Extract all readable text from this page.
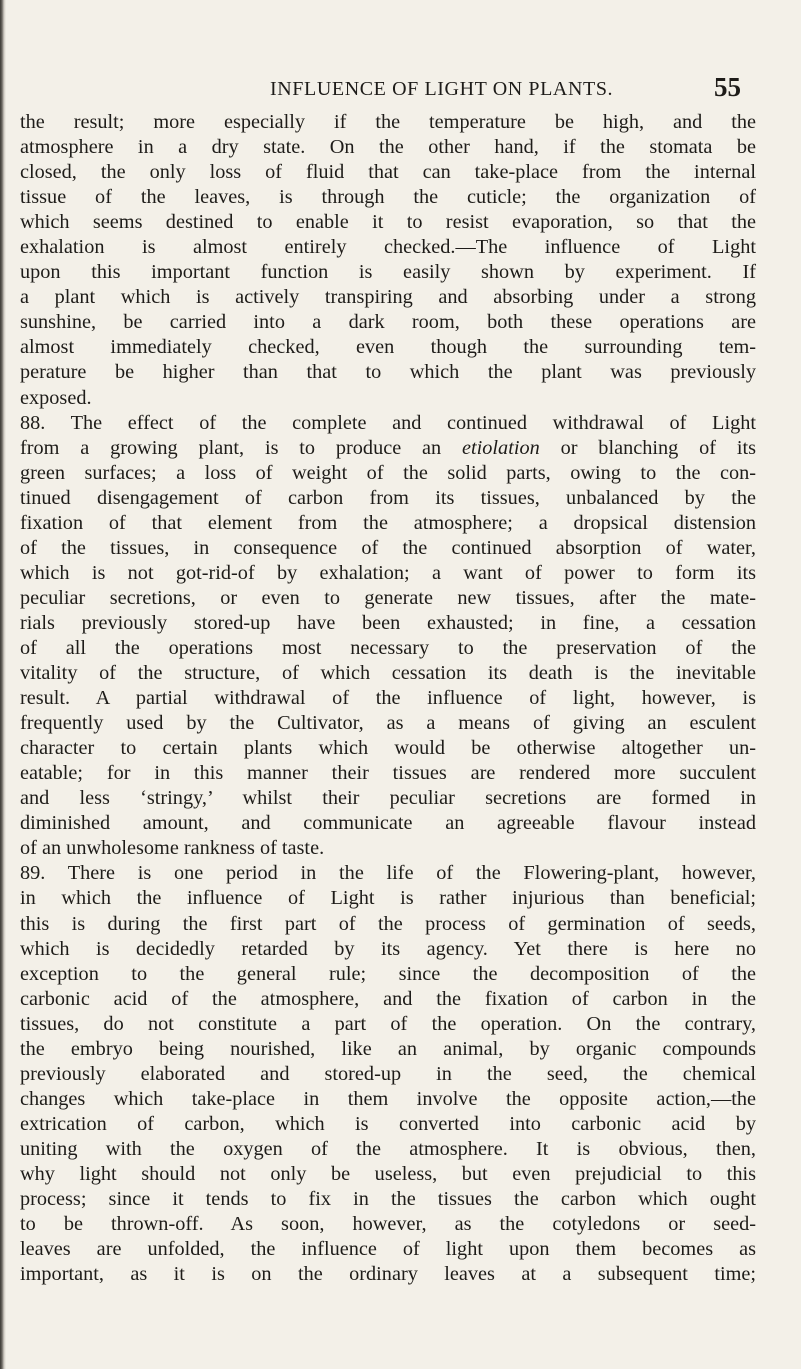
INFLUENCE OF LIGHT ON PLANTS.	55
the result; more especially if the temperature be high, and the
atmosphere in a dry state. On the other hand, if the stomata be
closed, the only loss of fluid that can take-place from the internal
tissue of the leaves, is through the cuticle; the organization of
which seems destined to enable it to resist evaporation, so that the
exhalation is almost entirely checked.—The influence of Light
upon this important function is easily shown by experiment. If
a plant which is actively transpiring and absorbing under a strong
sunshine, be carried into a dark room, both these operations are
almost immediately checked, even though the surrounding tem-
perature be higher than that to which the plant was previously
exposed.
88. The effect of the complete and continued withdrawal of Light
from a growing plant, is to produce an etiolation or blanching of its
green surfaces; a loss of weight of the solid parts, owing to the con-
tinued disengagement of carbon from its tissues, unbalanced by the
fixation of that element from the atmosphere; a dropsical distension
of the tissues, in consequence of the continued absorption of water,
which is not got-rid-of by exhalation; a want of power to form its
peculiar secretions, or even to generate new tissues, after the mate-
rials previously stored-up have been exhausted; in fine, a cessation
of all the operations most necessary to the preservation of the
vitality of the structure, of which cessation its death is the inevitable
result. A partial withdrawal of the influence of light, however, is
frequently used by the Cultivator, as a means of giving an esculent
character to certain plants which would be otherwise altogether un-
eatable; for in this manner their tissues are rendered more succulent
and less ‘stringy,’ whilst their peculiar secretions are formed in
diminished amount, and communicate an agreeable flavour instead
of an unwholesome rankness of taste.
89. There is one period in the life of the Flowering-plant, however,
in which the influence of Light is rather injurious than beneficial;
this is during the first part of the process of germination of seeds,
which is decidedly retarded by its agency. Yet there is here no
exception to the general rule; since the decomposition of the
carbonic acid of the atmosphere, and the fixation of carbon in the
tissues, do not constitute a part of the operation. On the contrary,
the embryo being nourished, like an animal, by organic compounds
previously elaborated and stored-up in the seed, the chemical
changes which take-place in them involve the opposite action,—the
extrication of carbon, which is converted into carbonic acid by
uniting with the oxygen of the atmosphere. It is obvious, then,
why light should not only be useless, but even prejudicial to this
process; since it tends to fix in the tissues the carbon which ought
to be thrown-off. As soon, however, as the cotyledons or seed-
leaves are unfolded, the influence of light upon them becomes as
important, as it is on the ordinary leaves at a subsequent time;
